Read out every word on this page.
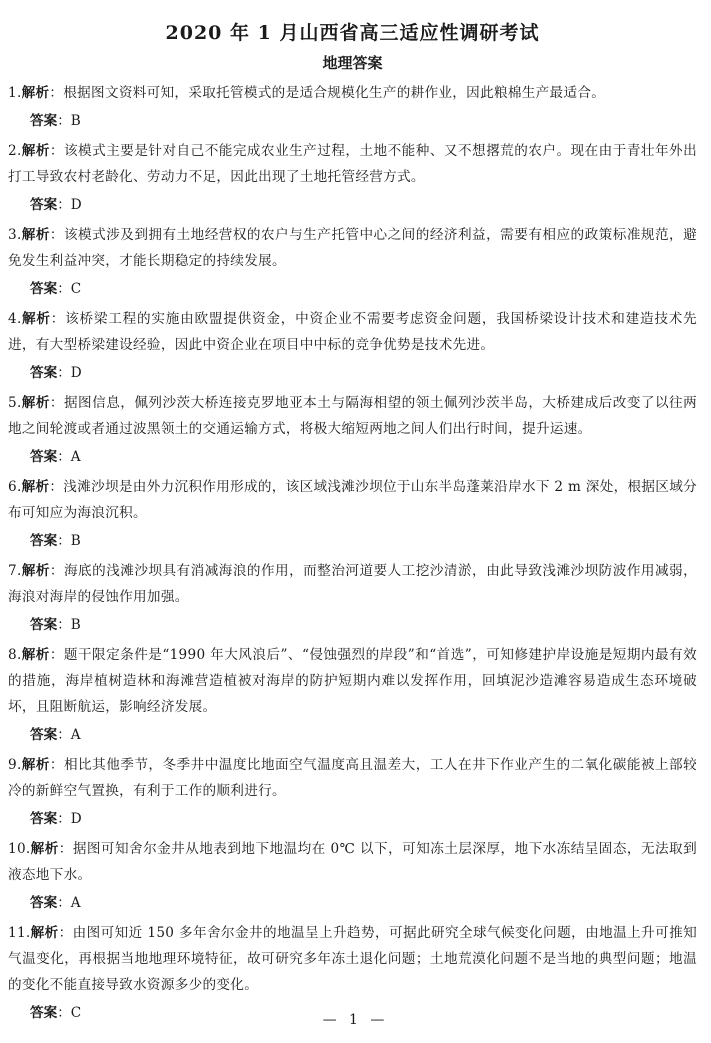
2020 年 1 月山西省高三适应性调研考试
地理答案

1.解析：根据图文资料可知，采取托管模式的是适合规模化生产的耕作业，因此粮棉生产最适合。

答案：B

2.解析：该模式主要是针对自己不能完成农业生产过程，土地不能种、又不想撂荒的农户。现在由于青壮年外出打工导致农村老龄化、劳动力不足，因此出现了土地托管经营方式。

答案：D

3.解析：该模式涉及到拥有土地经营权的农户与生产托管中心之间的经济利益，需要有相应的政策标准规范，避免发生利益冲突，才能长期稳定的持续发展。

答案：C

4.解析：该桥梁工程的实施由欧盟提供资金，中资企业不需要考虑资金问题，我国桥梁设计技术和建造技术先进，有大型桥梁建设经验，因此中资企业在项目中中标的竞争优势是技术先进。

答案：D

5.解析：据图信息，佩列沙茨大桥连接克罗地亚本土与隔海相望的领土佩列沙茨半岛，大桥建成后改变了以往两地之间轮渡或者通过波黑领土的交通运输方式，将极大缩短两地之间人们出行时间，提升运速。

答案：A

6.解析：浅滩沙坝是由外力沉积作用形成的，该区域浅滩沙坝位于山东半岛蓬莱沿岸水下 2 m 深处，根据区域分布可知应为海浪沉积。

答案：B

7.解析：海底的浅滩沙坝具有消减海浪的作用，而整治河道要人工挖沙清淤，由此导致浅滩沙坝防波作用减弱，海浪对海岸的侵蚀作用加强。

答案：B

8.解析：题干限定条件是“1990 年大风浪后”、“侵蚀强烈的岸段”和“首选”，可知修建护岸设施是短期内最有效的措施，海岸植树造林和海滩营造植被对海岸的防护短期内难以发挥作用，回填泥沙造滩容易造成生态环境破坏，且阻断航运，影响经济发展。

答案：A

9.解析：相比其他季节，冬季井中温度比地面空气温度高且温差大，工人在井下作业产生的二氧化碳能被上部较冷的新鲜空气置换，有利于工作的顺利进行。

答案：D

10.解析：据图可知舍尔金井从地表到地下地温均在 0℃ 以下，可知冻土层深厚，地下水冻结呈固态，无法取到液态地下水。

答案：A

11.解析：由图可知近 150 多年舍尔金井的地温呈上升趋势，可据此研究全球气候变化问题，由地温上升可推知气温变化，再根据当地地理环境特征，故可研究多年冻土退化问题；土地荒漠化问题不是当地的典型问题；地温的变化不能直接导致水资源多少的变化。

答案：C	— 1 —
